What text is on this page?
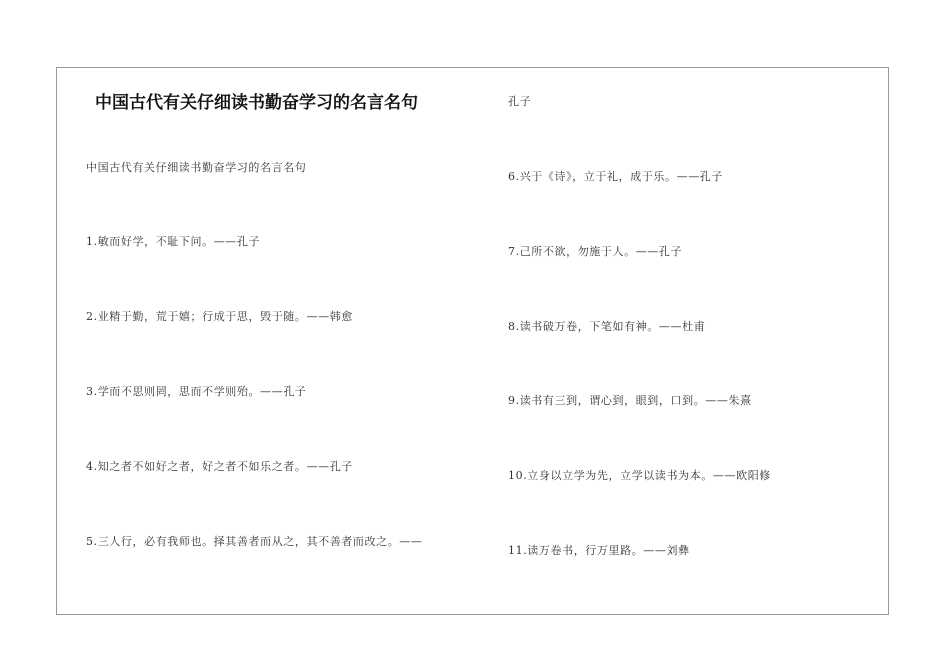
中国古代有关仔细读书勤奋学习的名言名句
中国古代有关仔细读书勤奋学习的名言名句
1.敏而好学，不耻下问。——孔子
2.业精于勤，荒于嬉；行成于思，毁于随。——韩愈
3.学而不思则罔，思而不学则殆。——孔子
4.知之者不如好之者，好之者不如乐之者。——孔子
5.三人行，必有我师也。择其善者而从之，其不善者而改之。——
孔子
6.兴于《诗》，立于礼，成于乐。——孔子
7.己所不欲，勿施于人。——孔子
8.读书破万卷，下笔如有神。——杜甫
9.读书有三到，谓心到，眼到，口到。——朱熹
10.立身以立学为先，立学以读书为本。——欧阳修
11.读万卷书，行万里路。——刘彝
